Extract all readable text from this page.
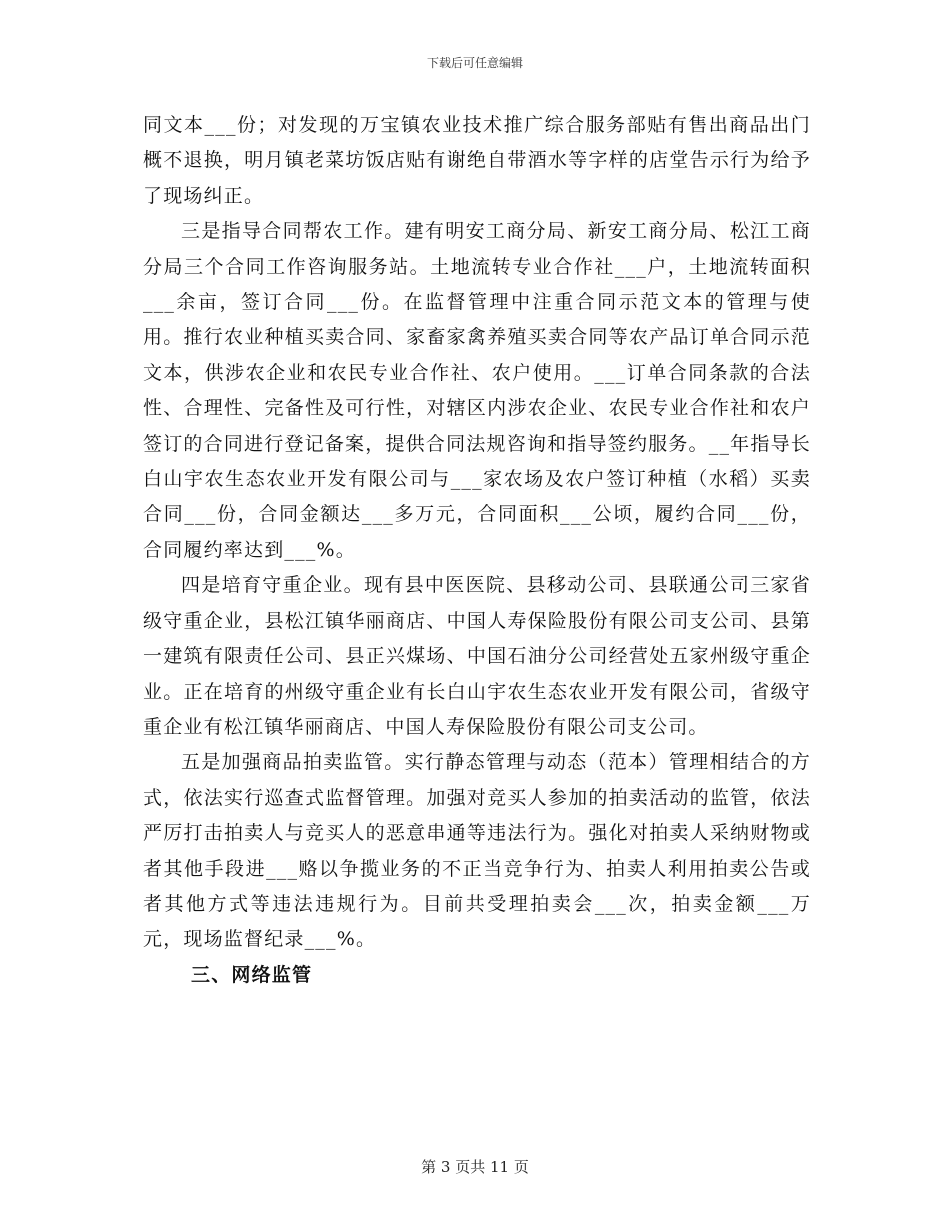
下载后可任意编辑

同文本___份；对发现的万宝镇农业技术推广综合服务部贴有售出商品出门概不退换，明月镇老菜坊饭店贴有谢绝自带酒水等字样的店堂告示行为给予了现场纠正。

三是指导合同帮农工作。建有明安工商分局、新安工商分局、松江工商分局三个合同工作咨询服务站。土地流转专业合作社___户，土地流转面积___余亩，签订合同___份。在监督管理中注重合同示范文本的管理与使用。推行农业种植买卖合同、家畜家禽养殖买卖合同等农产品订单合同示范文本，供涉农企业和农民专业合作社、农户使用。___订单合同条款的合法性、合理性、完备性及可行性，对辖区内涉农企业、农民专业合作社和农户签订的合同进行登记备案，提供合同法规咨询和指导签约服务。__年指导长白山宇农生态农业开发有限公司与___家农场及农户签订种植（水稻）买卖合同___份，合同金额达___多万元，合同面积___公顷，履约合同___份，合同履约率达到___%。

四是培育守重企业。现有县中医医院、县移动公司、县联通公司三家省级守重企业，县松江镇华丽商店、中国人寿保险股份有限公司支公司、县第一建筑有限责任公司、县正兴煤场、中国石油分公司经营处五家州级守重企业。正在培育的州级守重企业有长白山宇农生态农业开发有限公司，省级守重企业有松江镇华丽商店、中国人寿保险股份有限公司支公司。

五是加强商品拍卖监管。实行静态管理与动态（范本）管理相结合的方式，依法实行巡查式监督管理。加强对竞买人参加的拍卖活动的监管，依法严厉打击拍卖人与竞买人的恶意串通等违法行为。强化对拍卖人采纳财物或者其他手段进___赂以争揽业务的不正当竞争行为、拍卖人利用拍卖公告或者其他方式等违法违规行为。目前共受理拍卖会___次，拍卖金额___万元，现场监督纪录___%。

三、网络监管

第 3 页共 11 页
